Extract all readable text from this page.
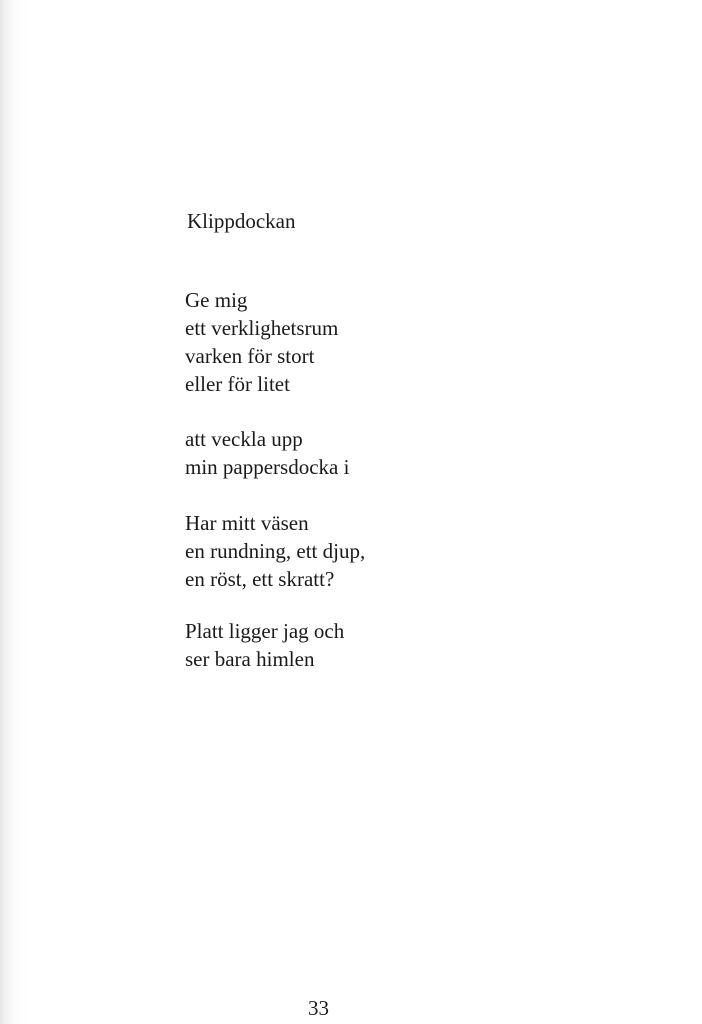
Klippdockan
Ge mig
ett verklighetsrum
varken för stort
eller för litet
att veckla upp
min pappersdocka i
Har mitt väsen
en rundning, ett djup,
en röst, ett skratt?
Platt ligger jag och
ser bara himlen
33
